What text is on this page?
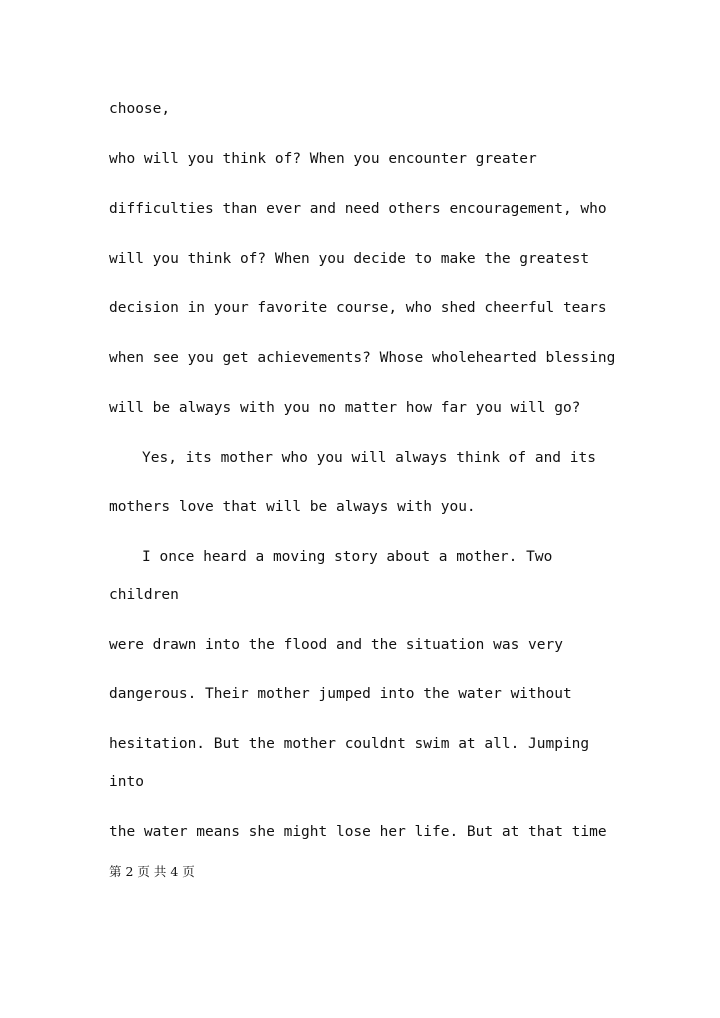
choose,
who will you think of? When you encounter greater
difficulties than ever and need others encouragement, who
will you think of? When you decide to make the greatest
decision in your favorite course, who shed cheerful tears
when see you get achievements? Whose wholehearted blessing
will be always with you no matter how far you will go?
Yes, its mother who you will always think of and its
mothers love that will be always with you.
I once heard a moving story about a mother. Two
children
were drawn into the flood and the situation was very
dangerous. Their mother jumped into the water without
hesitation. But the mother couldnt swim at all. Jumping
into
the water means she might lose her life. But at that time
第 2 页 共 4 页
